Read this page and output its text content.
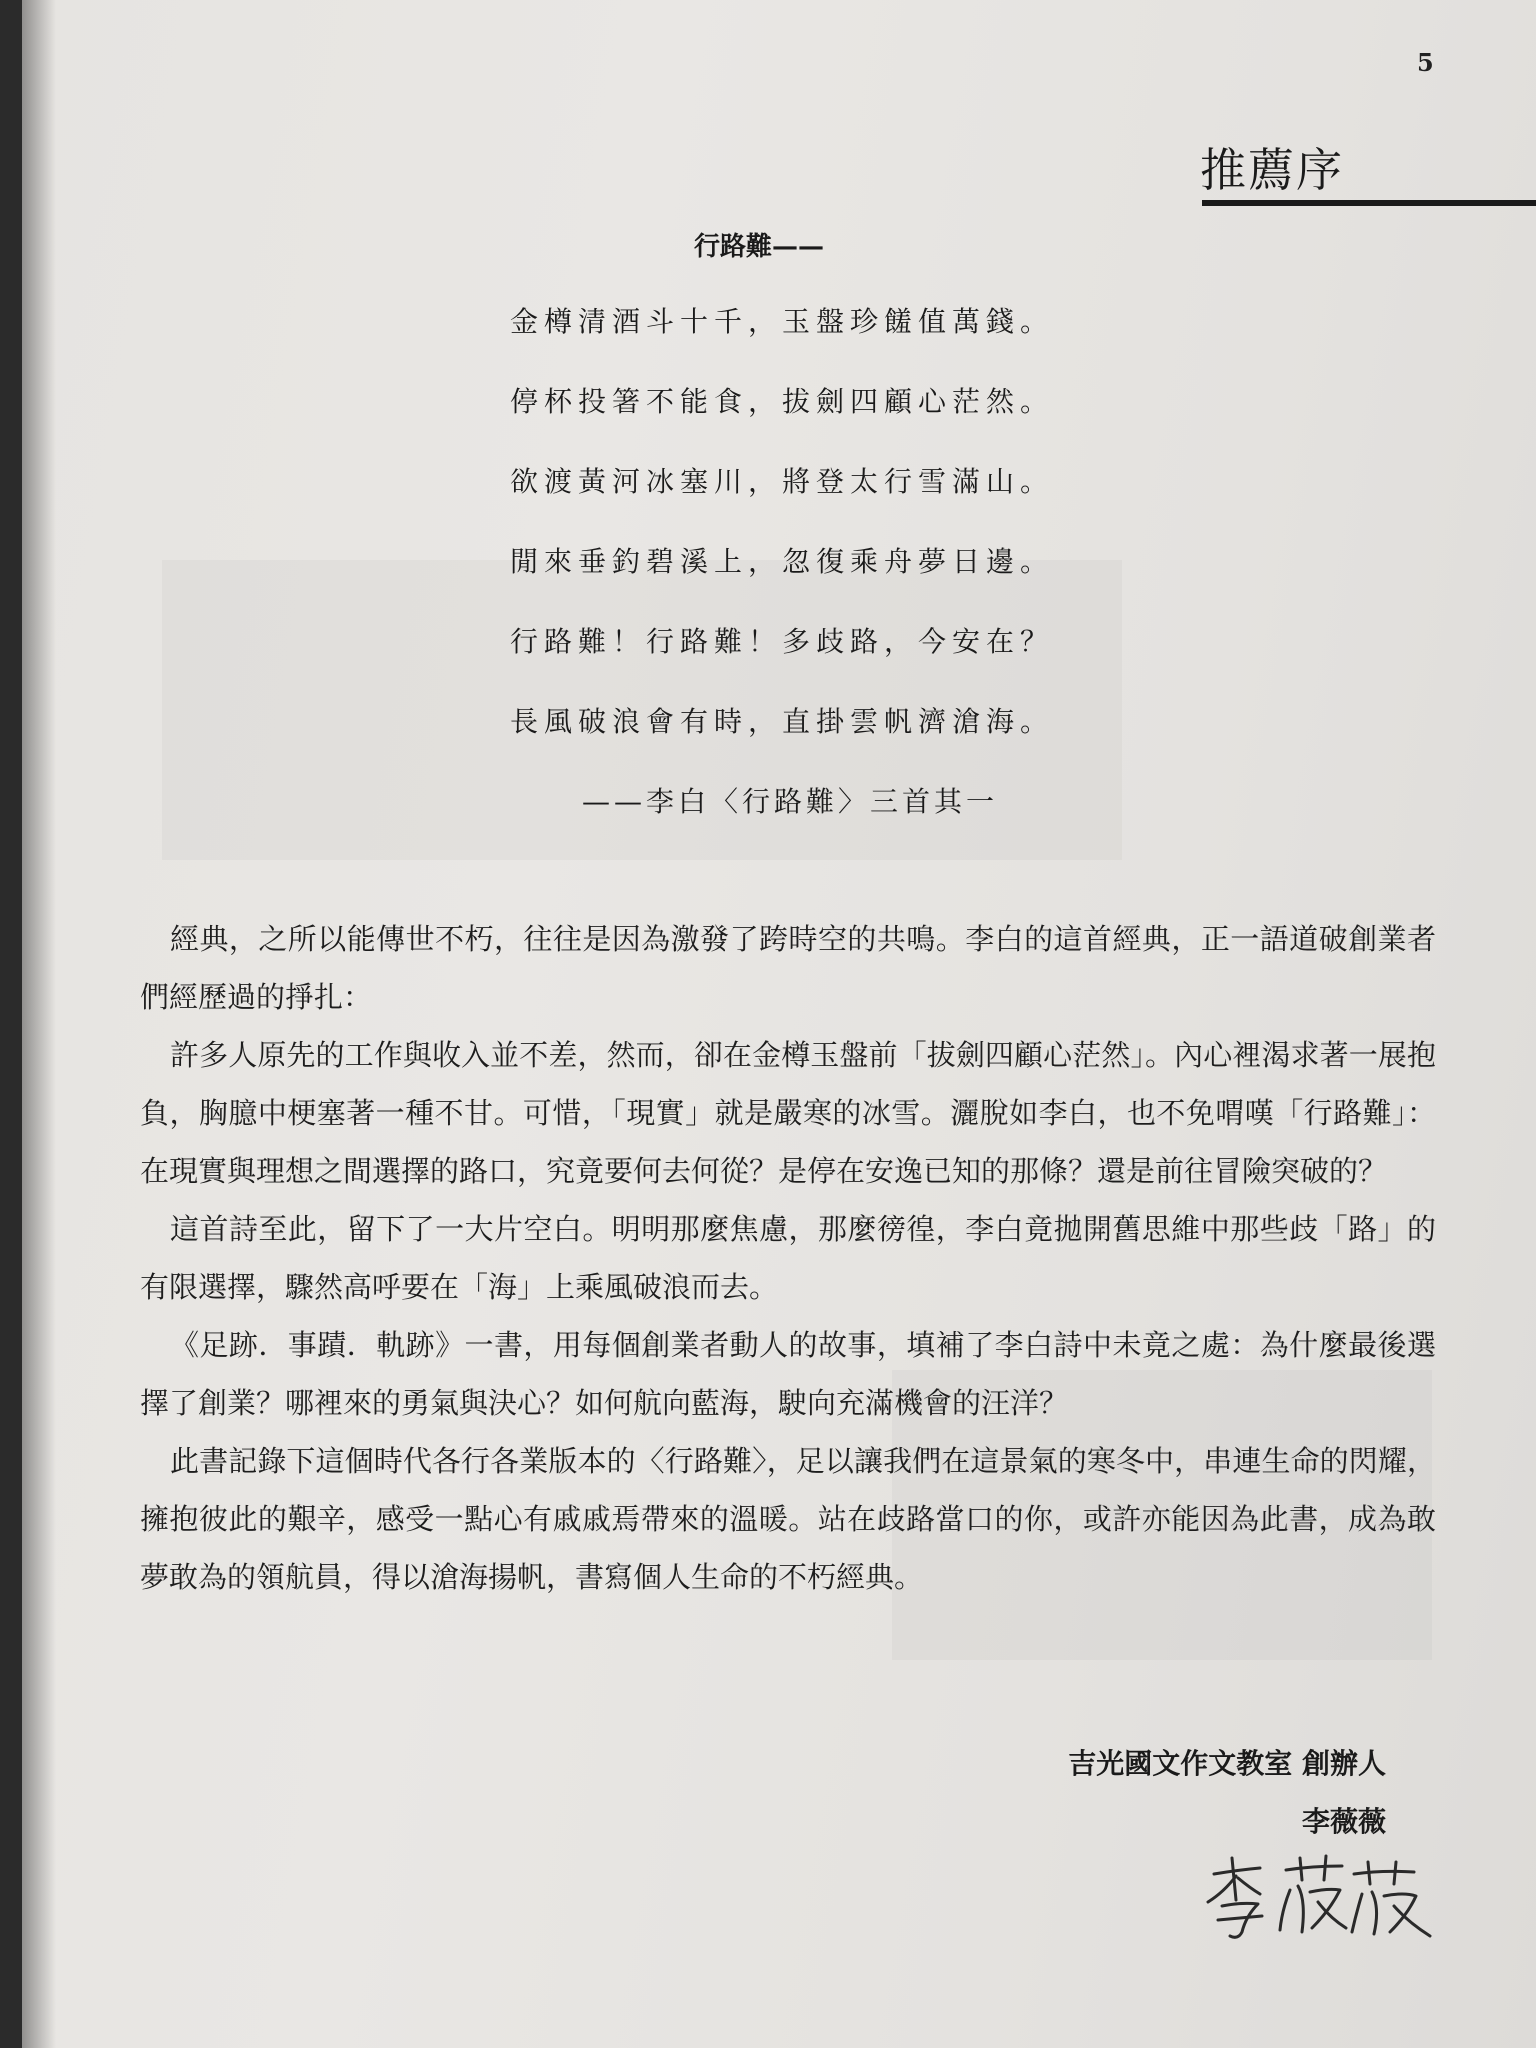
5
推薦序
行路難——
金樽清酒斗十千，玉盤珍饈值萬錢。
停杯投箸不能食，拔劍四顧心茫然。
欲渡黃河冰塞川，將登太行雪滿山。
閒來垂釣碧溪上，忽復乘舟夢日邊。
行路難！行路難！多歧路，今安在？
長風破浪會有時，直掛雲帆濟滄海。
——李白〈行路難〉三首其一

經典，之所以能傳世不朽，往往是因為激發了跨時空的共鳴。李白的這首經典，正一語道破創業者們經歷過的掙扎：

許多人原先的工作與收入並不差，然而，卻在金樽玉盤前「拔劍四顧心茫然」。內心裡渴求著一展抱負，胸臆中梗塞著一種不甘。可惜，「現實」就是嚴寒的冰雪。灑脫如李白，也不免喟嘆「行路難」：在現實與理想之間選擇的路口，究竟要何去何從？是停在安逸已知的那條？還是前往冒險突破的？

這首詩至此，留下了一大片空白。明明那麼焦慮，那麼徬徨，李白竟拋開舊思維中那些歧「路」的有限選擇，驟然高呼要在「海」上乘風破浪而去。

《足跡．事蹟．軌跡》一書，用每個創業者動人的故事，填補了李白詩中未竟之處：為什麼最後選擇了創業？哪裡來的勇氣與決心？如何航向藍海，駛向充滿機會的汪洋？

此書記錄下這個時代各行各業版本的〈行路難〉，足以讓我們在這景氣的寒冬中，串連生命的閃耀，擁抱彼此的艱辛，感受一點心有戚戚焉帶來的溫暖。站在歧路當口的你，或許亦能因為此書，成為敢夢敢為的領航員，得以滄海揚帆，書寫個人生命的不朽經典。

吉光國文作文教室 創辦人
李薇薇
